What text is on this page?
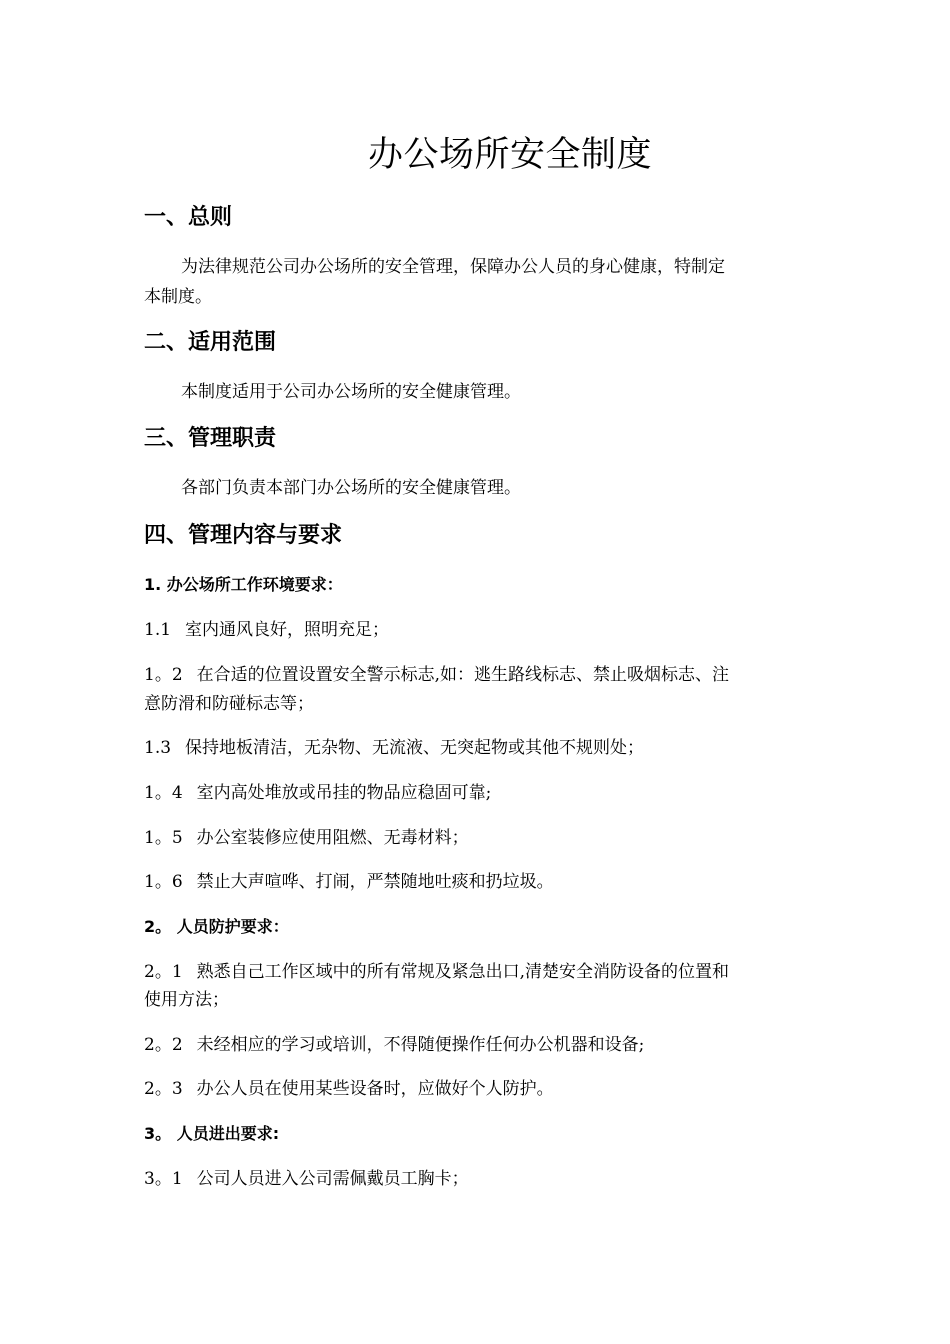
办公场所安全制度
一、总则
为法律规范公司办公场所的安全管理，保障办公人员的身心健康，特制定
本制度。
二、适用范围
本制度适用于公司办公场所的安全健康管理。
三、管理职责
各部门负责本部门办公场所的安全健康管理。
四、管理内容与要求
1. 办公场所工作环境要求：
1.1 室内通风良好，照明充足；
1。2 在合适的位置设置安全警示标志,如：逃生路线标志、禁止吸烟标志、注
意防滑和防碰标志等；
1.3 保持地板清洁，无杂物、无流液、无突起物或其他不规则处；
1。4 室内高处堆放或吊挂的物品应稳固可靠;
1。5 办公室装修应使用阻燃、无毒材料；
1。6 禁止大声喧哗、打闹，严禁随地吐痰和扔垃圾。
2。 人员防护要求：
2。1 熟悉自己工作区域中的所有常规及紧急出口,清楚安全消防设备的位置和
使用方法；
2。2 未经相应的学习或培训，不得随便操作任何办公机器和设备;
2。3 办公人员在使用某些设备时，应做好个人防护。
3。 人员进出要求:
3。1 公司人员进入公司需佩戴员工胸卡；
